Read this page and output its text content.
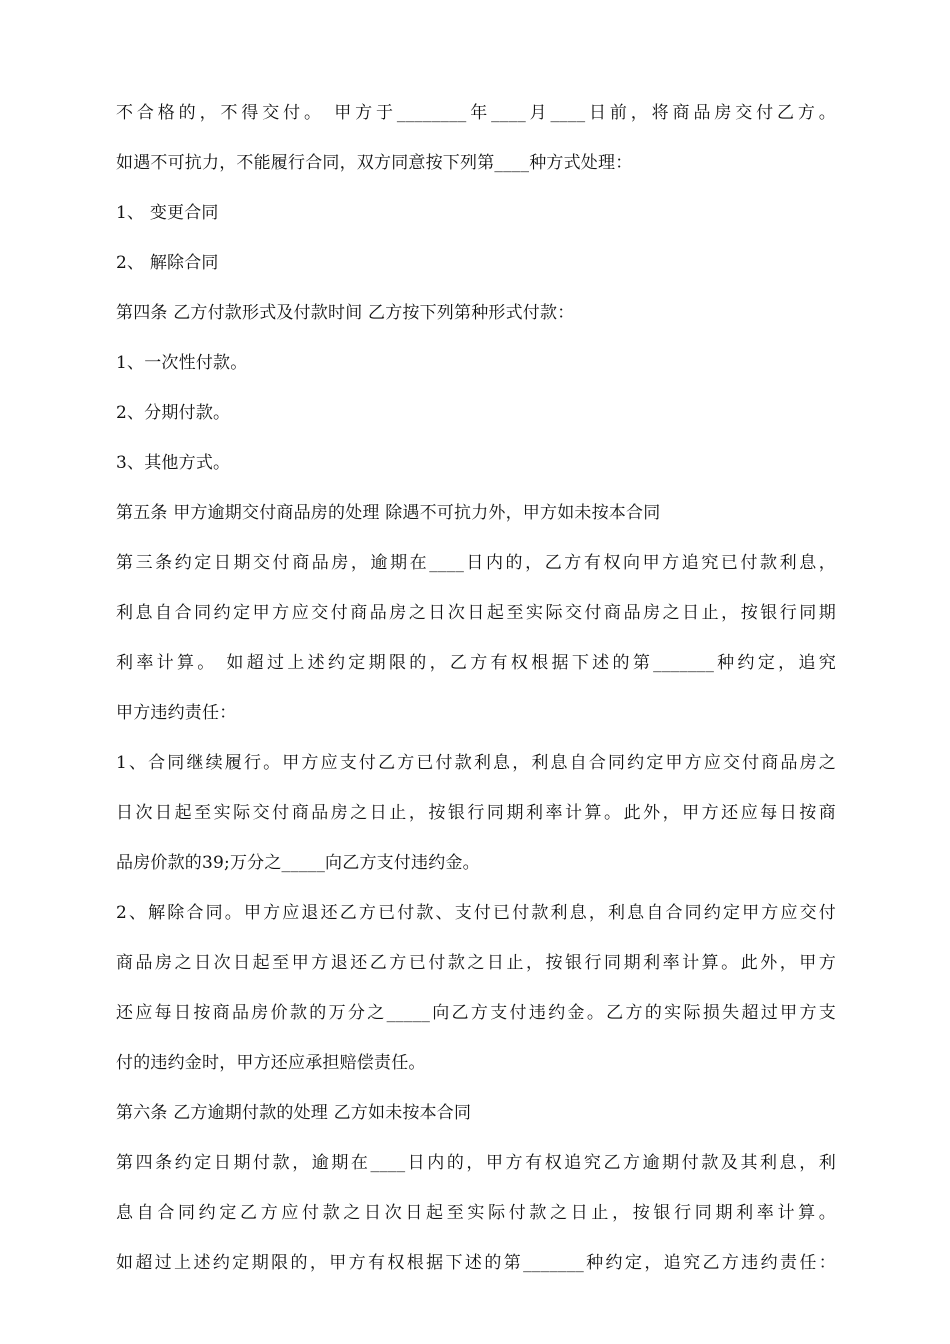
不合格的，不得交付。 甲方于________年____月____日前，将商品房交付乙方。
如遇不可抗力，不能履行合同，双方同意按下列第____种方式处理：
1、 变更合同
2、 解除合同
第四条 乙方付款形式及付款时间 乙方按下列第种形式付款：
1、一次性付款。
2、分期付款。
3、其他方式。
第五条 甲方逾期交付商品房的处理 除遇不可抗力外，甲方如未按本合同
第三条约定日期交付商品房，逾期在____日内的，乙方有权向甲方追究已付款利息，
利息自合同约定甲方应交付商品房之日次日起至实际交付商品房之日止，按银行同期
利率计算。 如超过上述约定期限的，乙方有权根据下述的第_______种约定，追究
甲方违约责任：
1、合同继续履行。甲方应支付乙方已付款利息，利息自合同约定甲方应交付商品房之
日次日起至实际交付商品房之日止，按银行同期利率计算。此外，甲方还应每日按商
品房价款的39;万分之_____向乙方支付违约金。
2、解除合同。甲方应退还乙方已付款、支付已付款利息，利息自合同约定甲方应交付
商品房之日次日起至甲方退还乙方已付款之日止，按银行同期利率计算。此外，甲方
还应每日按商品房价款的万分之_____向乙方支付违约金。乙方的实际损失超过甲方支
付的违约金时，甲方还应承担赔偿责任。
第六条 乙方逾期付款的处理 乙方如未按本合同
第四条约定日期付款，逾期在____日内的，甲方有权追究乙方逾期付款及其利息，利
息自合同约定乙方应付款之日次日起至实际付款之日止，按银行同期利率计算。
如超过上述约定期限的，甲方有权根据下述的第_______种约定，追究乙方违约责任：
